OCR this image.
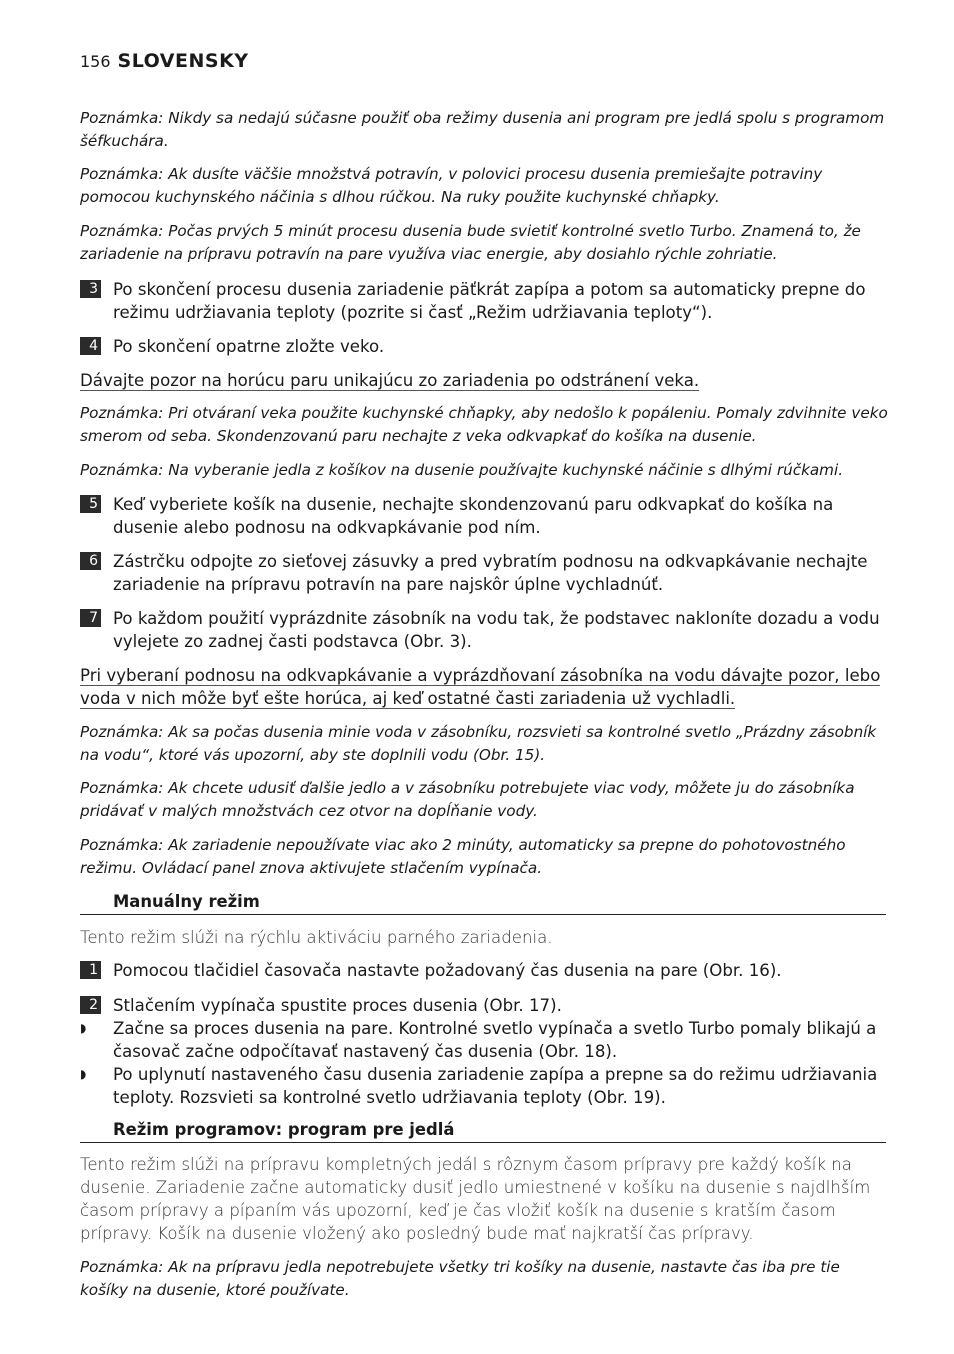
156 SLOVENSKY
Poznámka: Nikdy sa nedajú súčasne použiť oba režimy dusenia ani program pre jedlá spolu s programom šéfkuchára.
Poznámka: Ak dusíte väčšie množstvá potravín, v polovici procesu dusenia premiešajte potraviny pomocou kuchynského náčinia s dlhou rúčkou. Na ruky použite kuchynské chňapky.
Poznámka: Počas prvých 5 minút procesu dusenia bude svietiť kontrolné svetlo Turbo. Znamená to, že zariadenie na prípravu potravín na pare využíva viac energie, aby dosiahlo rýchle zohriatie.
3 Po skončení procesu dusenia zariadenie päťkrát zapípa a potom sa automaticky prepne do režimu udržiavania teploty (pozrite si časť „Režim udržiavania teploty“).
4 Po skončení opatrne zložte veko.
Dávajte pozor na horúcu paru unikajúcu zo zariadenia po odstránení veka.
Poznámka: Pri otváraní veka použite kuchynské chňapky, aby nedošlo k popáleniu. Pomaly zdvihnite veko smerom od seba. Skondenzovanú paru nechajte z veka odkvapkať do košíka na dusenie.
Poznámka: Na vyberanie jedla z košíkov na dusenie používajte kuchynské náčinie s dlhými rúčkami.
5 Keď vyberiete košík na dusenie, nechajte skondenzovanú paru odkvapkať do košíka na dusenie alebo podnosu na odkvapkávanie pod ním.
6 Zástrčku odpojte zo sieťovej zásuvky a pred vybratím podnosu na odkvapkávanie nechajte zariadenie na prípravu potravín na pare najskôr úplne vychladnúť.
7 Po každom použití vyprázdnite zásobník na vodu tak, že podstavec nakloníte dozadu a vodu vylejete zo zadnej časti podstavca (Obr. 3).
Pri vyberaní podnosu na odkvapkávanie a vyprázdňovaní zásobníka na vodu dávajte pozor, lebo
voda v nich môže byť ešte horúca, aj keď ostatné časti zariadenia už vychladli.
Poznámka: Ak sa počas dusenia minie voda v zásobníku, rozsvieti sa kontrolné svetlo „Prázdny zásobník na vodu“, ktoré vás upozorní, aby ste doplnili vodu (Obr. 15).
Poznámka: Ak chcete udusiť ďalšie jedlo a v zásobníku potrebujete viac vody, môžete ju do zásobníka pridávať v malých množstvách cez otvor na dopĺňanie vody.
Poznámka: Ak zariadenie nepoužívate viac ako 2 minúty, automaticky sa prepne do pohotovostného režimu. Ovládací panel znova aktivujete stlačením vypínača.
Manuálny režim
Tento režim slúži na rýchlu aktiváciu parného zariadenia.
1 Pomocou tlačidiel časovača nastavte požadovaný čas dusenia na pare (Obr. 16).
2 Stlačením vypínača spustite proces dusenia (Obr. 17).
◗ Začne sa proces dusenia na pare. Kontrolné svetlo vypínača a svetlo Turbo pomaly blikajú a časovač začne odpočítavať nastavený čas dusenia (Obr. 18).
◗ Po uplynutí nastaveného času dusenia zariadenie zapípa a prepne sa do režimu udržiavania teploty. Rozsvieti sa kontrolné svetlo udržiavania teploty (Obr. 19).
Režim programov: program pre jedlá
Tento režim slúži na prípravu kompletných jedál s rôznym časom prípravy pre každý košík na dusenie. Zariadenie začne automaticky dusiť jedlo umiestnené v košíku na dusenie s najdlhším časom prípravy a pípaním vás upozorní, keď je čas vložiť košík na dusenie s kratším časom prípravy. Košík na dusenie vložený ako posledný bude mať najkratší čas prípravy.
Poznámka: Ak na prípravu jedla nepotrebujete všetky tri košíky na dusenie, nastavte čas iba pre tie košíky na dusenie, ktoré používate.
